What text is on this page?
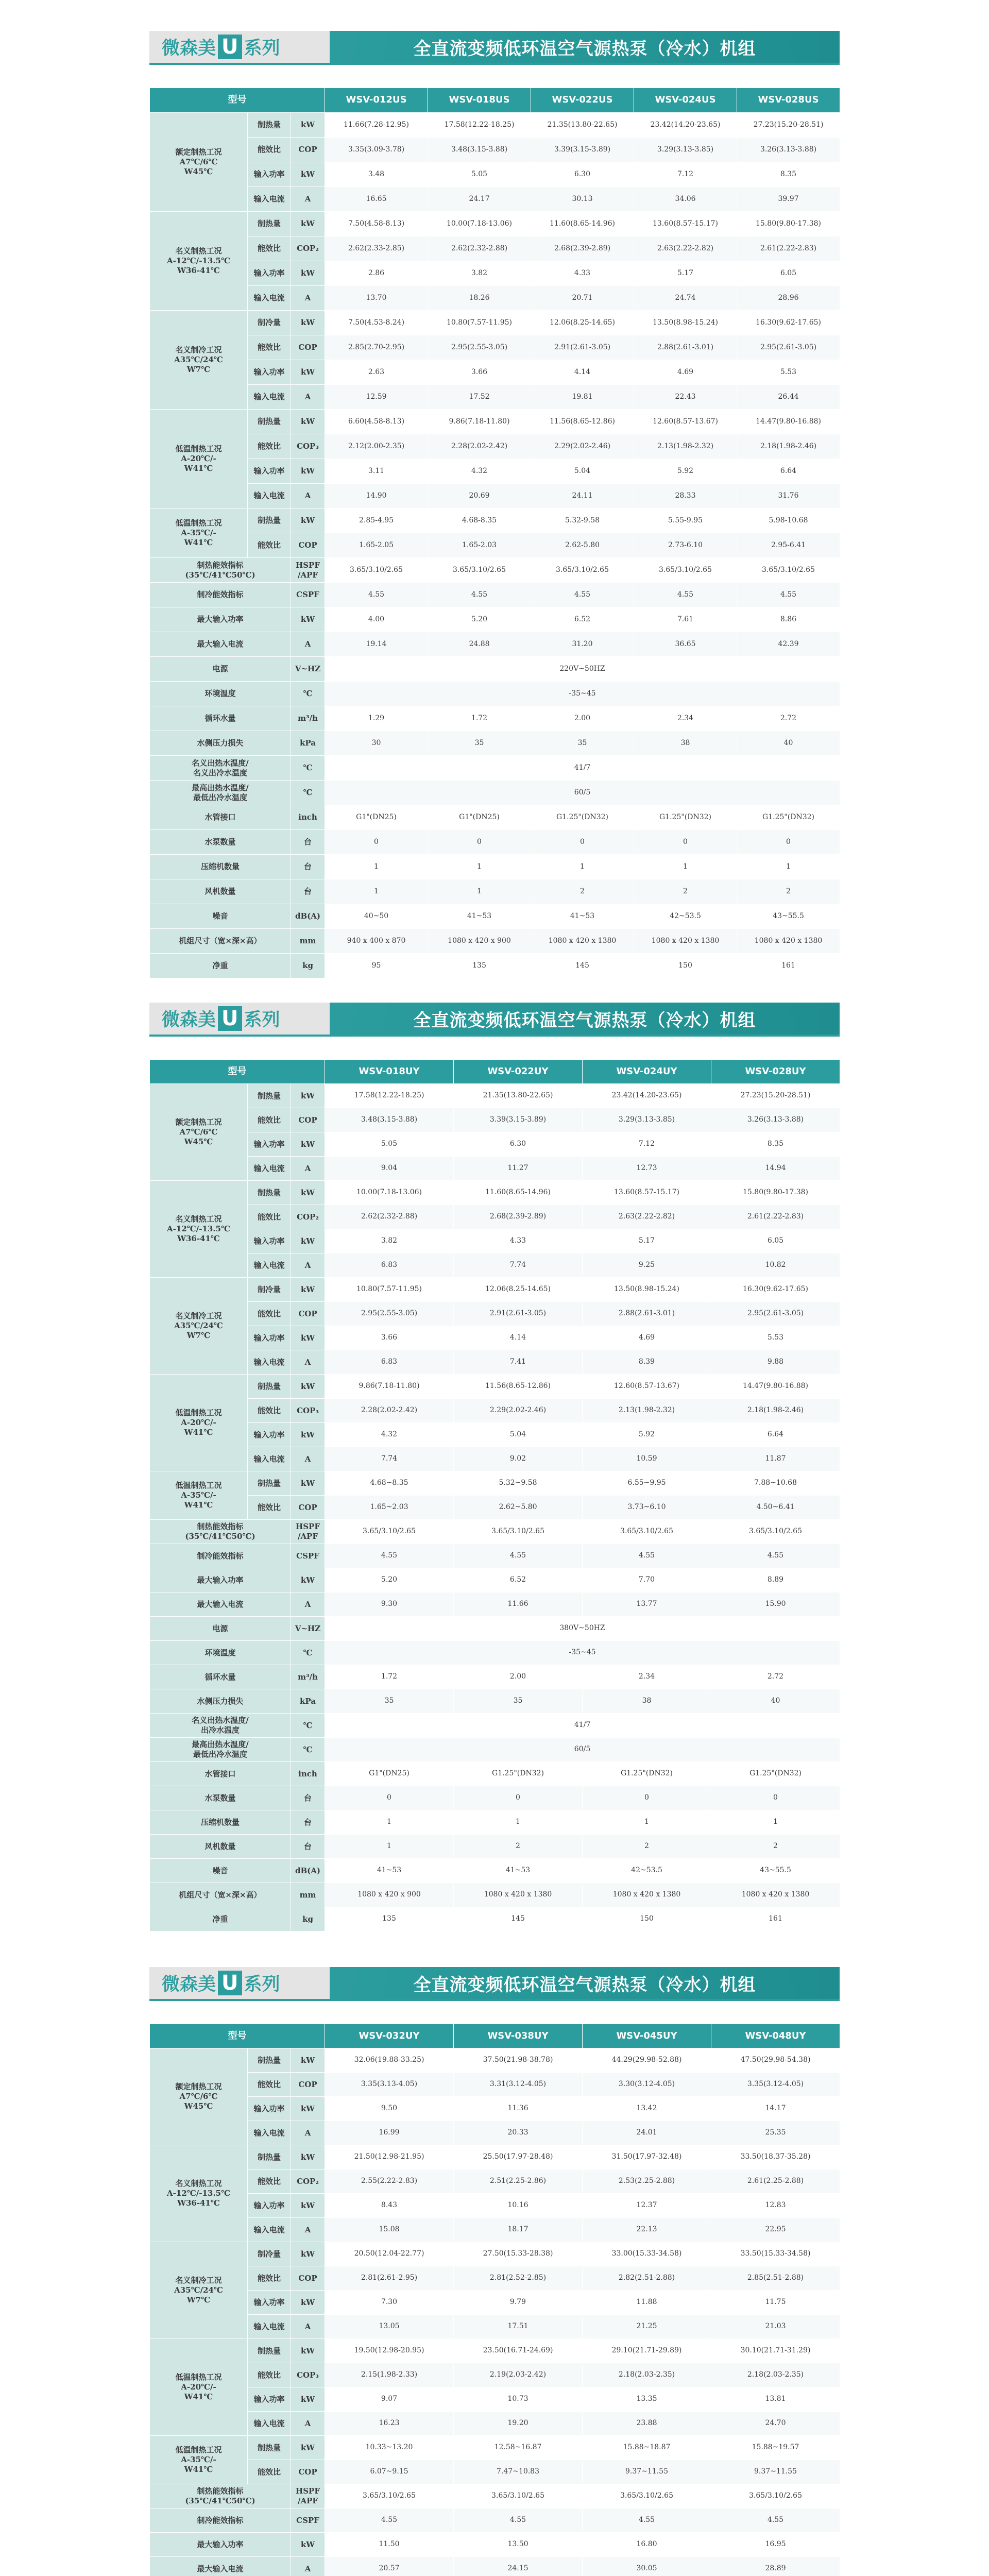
微森美 U 系列	全直流变频低环温空气源热泵（冷水）机组
型号			WSV-012US	WSV-018US	WSV-022US	WSV-024US	WSV-028US
额定制热工况
A7℃/6℃
W45℃	制热量	kW	11.66(7.28-12.95)	17.58(12.22-18.25)	21.35(13.80-22.65)	23.42(14.20-23.65)	27.23(15.20-28.51)
	能效比	COP	3.35(3.09-3.78)	3.48(3.15-3.88)	3.39(3.15-3.89)	3.29(3.13-3.85)	3.26(3.13-3.88)
	输入功率	kW	3.48	5.05	6.30	7.12	8.35
	输入电流	A	16.65	24.17	30.13	34.06	39.97
名义制热工况
A-12℃/-13.5℃
W36-41℃	制热量	kW	7.50(4.58-8.13)	10.00(7.18-13.06)	11.60(8.65-14.96)	13.60(8.57-15.17)	15.80(9.80-17.38)
	能效比	COP₂	2.62(2.33-2.85)	2.62(2.32-2.88)	2.68(2.39-2.89)	2.63(2.22-2.82)	2.61(2.22-2.83)
	输入功率	kW	2.86	3.82	4.33	5.17	6.05
	输入电流	A	13.70	18.26	20.71	24.74	28.96
名义制冷工况
A35℃/24℃
W7℃	制冷量	kW	7.50(4.53-8.24)	10.80(7.57-11.95)	12.06(8.25-14.65)	13.50(8.98-15.24)	16.30(9.62-17.65)
	能效比	COP	2.85(2.70-2.95)	2.95(2.55-3.05)	2.91(2.61-3.05)	2.88(2.61-3.01)	2.95(2.61-3.05)
	输入功率	kW	2.63	3.66	4.14	4.69	5.53
	输入电流	A	12.59	17.52	19.81	22.43	26.44
低温制热工况
A-20℃/-
W41℃	制热量	kW	6.60(4.58-8.13)	9.86(7.18-11.80)	11.56(8.65-12.86)	12.60(8.57-13.67)	14.47(9.80-16.88)
	能效比	COP₃	2.12(2.00-2.35)	2.28(2.02-2.42)	2.29(2.02-2.46)	2.13(1.98-2.32)	2.18(1.98-2.46)
	输入功率	kW	3.11	4.32	5.04	5.92	6.64
	输入电流	A	14.90	20.69	24.11	28.33	31.76
低温制热工况
A-35℃/-
W41℃	制热量	kW	2.85-4.95	4.68-8.35	5.32-9.58	5.55-9.95	5.98-10.68
	能效比	COP	1.65-2.05	1.65-2.03	2.62-5.80	2.73-6.10	2.95-6.41
制热能效指标
(35℃/41℃50℃)		HSPF
/APF	3.65/3.10/2.65	3.65/3.10/2.65	3.65/3.10/2.65	3.65/3.10/2.65	3.65/3.10/2.65
制冷能效指标		CSPF	4.55	4.55	4.55	4.55	4.55
最大输入功率		kW	4.00	5.20	6.52	7.61	8.86
最大输入电流		A	19.14	24.88	31.20	36.65	42.39
电源		V~HZ	220V~50HZ				
环境温度		℃	-35~45				
循环水量		m³/h	1.29	1.72	2.00	2.34	2.72
水侧压力损失		kPa	30	35	35	38	40
名义出热水温度/
名义出冷水温度		℃	41/7				
最高出热水温度/
最低出冷水温度		℃	60/5				
水管接口		inch	G1"(DN25)	G1"(DN25)	G1.25"(DN32)	G1.25"(DN32)	G1.25"(DN32)
水泵数量		台	0	0	0	0	0
压缩机数量		台	1	1	1	1	1
风机数量		台	1	1	2	2	2
噪音		dB(A)	40~50	41~53	41~53	42~53.5	43~55.5
机组尺寸（宽×深×高）		mm	940 x 400 x 870	1080 x 420 x 900	1080 x 420 x 1380	1080 x 420 x 1380	1080 x 420 x 1380
净重		kg	95	135	145	150	161
微森美 U 系列	全直流变频低环温空气源热泵（冷水）机组
型号			WSV-018UY	WSV-022UY	WSV-024UY	WSV-028UY
额定制热工况
A7℃/6℃
W45℃	制热量	kW	17.58(12.22-18.25)	21.35(13.80-22.65)	23.42(14.20-23.65)	27.23(15.20-28.51)
	能效比	COP	3.48(3.15-3.88)	3.39(3.15-3.89)	3.29(3.13-3.85)	3.26(3.13-3.88)
	输入功率	kW	5.05	6.30	7.12	8.35
	输入电流	A	9.04	11.27	12.73	14.94
名义制热工况
A-12℃/-13.5℃
W36-41℃	制热量	kW	10.00(7.18-13.06)	11.60(8.65-14.96)	13.60(8.57-15.17)	15.80(9.80-17.38)
	能效比	COP₂	2.62(2.32-2.88)	2.68(2.39-2.89)	2.63(2.22-2.82)	2.61(2.22-2.83)
	输入功率	kW	3.82	4.33	5.17	6.05
	输入电流	A	6.83	7.74	9.25	10.82
名义制冷工况
A35℃/24℃
W7℃	制冷量	kW	10.80(7.57-11.95)	12.06(8.25-14.65)	13.50(8.98-15.24)	16.30(9.62-17.65)
	能效比	COP	2.95(2.55-3.05)	2.91(2.61-3.05)	2.88(2.61-3.01)	2.95(2.61-3.05)
	输入功率	kW	3.66	4.14	4.69	5.53
	输入电流	A	6.83	7.41	8.39	9.88
低温制热工况
A-20℃/-
W41℃	制热量	kW	9.86(7.18-11.80)	11.56(8.65-12.86)	12.60(8.57-13.67)	14.47(9.80-16.88)
	能效比	COP₃	2.28(2.02-2.42)	2.29(2.02-2.46)	2.13(1.98-2.32)	2.18(1.98-2.46)
	输入功率	kW	4.32	5.04	5.92	6.64
	输入电流	A	7.74	9.02	10.59	11.87
低温制热工况
A-35℃/-
W41℃	制热量	kW	4.68~8.35	5.32~9.58	6.55~9.95	7.88~10.68
	能效比	COP	1.65~2.03	2.62~5.80	3.73~6.10	4.50~6.41
制热能效指标
(35℃/41℃50℃)		HSPF
/APF	3.65/3.10/2.65	3.65/3.10/2.65	3.65/3.10/2.65	3.65/3.10/2.65
制冷能效指标		CSPF	4.55	4.55	4.55	4.55
最大输入功率		kW	5.20	6.52	7.70	8.89
最大输入电流		A	9.30	11.66	13.77	15.90
电源		V~HZ	380V~50HZ			
环境温度		℃	-35~45			
循环水量		m³/h	1.72	2.00	2.34	2.72
水侧压力损失		kPa	35	35	38	40
名义出热水温度/
出冷水温度		℃	41/7			
最高出热水温度/
最低出冷水温度		℃	60/5			
水管接口		inch	G1"(DN25)	G1.25"(DN32)	G1.25"(DN32)	G1.25"(DN32)
水泵数量		台	0	0	0	0
压缩机数量		台	1	1	1	1
风机数量		台	1	2	2	2
噪音		dB(A)	41~53	41~53	42~53.5	43~55.5
机组尺寸（宽×深×高）		mm	1080 x 420 x 900	1080 x 420 x 1380	1080 x 420 x 1380	1080 x 420 x 1380
净重		kg	135	145	150	161
微森美 U 系列	全直流变频低环温空气源热泵（冷水）机组
型号			WSV-032UY	WSV-038UY	WSV-045UY	WSV-048UY
额定制热工况
A7℃/6℃
W45℃	制热量	kW	32.06(19.88-33.25)	37.50(21.98-38.78)	44.29(29.98-52.88)	47.50(29.98-54.38)
	能效比	COP	3.35(3.13-4.05)	3.31(3.12-4.05)	3.30(3.12-4.05)	3.35(3.12-4.05)
	输入功率	kW	9.50	11.36	13.42	14.17
	输入电流	A	16.99	20.33	24.01	25.35
名义制热工况
A-12℃/-13.5℃
W36-41℃	制热量	kW	21.50(12.98-21.95)	25.50(17.97-28.48)	31.50(17.97-32.48)	33.50(18.37-35.28)
	能效比	COP₂	2.55(2.22-2.83)	2.51(2.25-2.86)	2.53(2.25-2.88)	2.61(2.25-2.88)
	输入功率	kW	8.43	10.16	12.37	12.83
	输入电流	A	15.08	18.17	22.13	22.95
名义制冷工况
A35℃/24℃
W7℃	制冷量	kW	20.50(12.04-22.77)	27.50(15.33-28.38)	33.00(15.33-34.58)	33.50(15.33-34.58)
	能效比	COP	2.81(2.61-2.95)	2.81(2.52-2.85)	2.82(2.51-2.88)	2.85(2.51-2.88)
	输入功率	kW	7.30	9.79	11.88	11.75
	输入电流	A	13.05	17.51	21.25	21.03
低温制热工况
A-20℃/-
W41℃	制热量	kW	19.50(12.98-20.95)	23.50(16.71-24.69)	29.10(21.71-29.89)	30.10(21.71-31.29)
	能效比	COP₃	2.15(1.98-2.33)	2.19(2.03-2.42)	2.18(2.03-2.35)	2.18(2.03-2.35)
	输入功率	kW	9.07	10.73	13.35	13.81
	输入电流	A	16.23	19.20	23.88	24.70
低温制热工况
A-35℃/-
W41℃	制热量	kW	10.33~13.20	12.58~16.87	15.88~18.87	15.88~19.57
	能效比	COP	6.07~9.15	7.47~10.83	9.37~11.55	9.37~11.55
制热能效指标
(35℃/41℃50℃)		HSPF
/APF	3.65/3.10/2.65	3.65/3.10/2.65	3.65/3.10/2.65	3.65/3.10/2.65
制冷能效指标		CSPF	4.55	4.55	4.55	4.55
最大输入功率		kW	11.50	13.50	16.80	16.95
最大输入电流		A	20.57	24.15	30.05	28.89
